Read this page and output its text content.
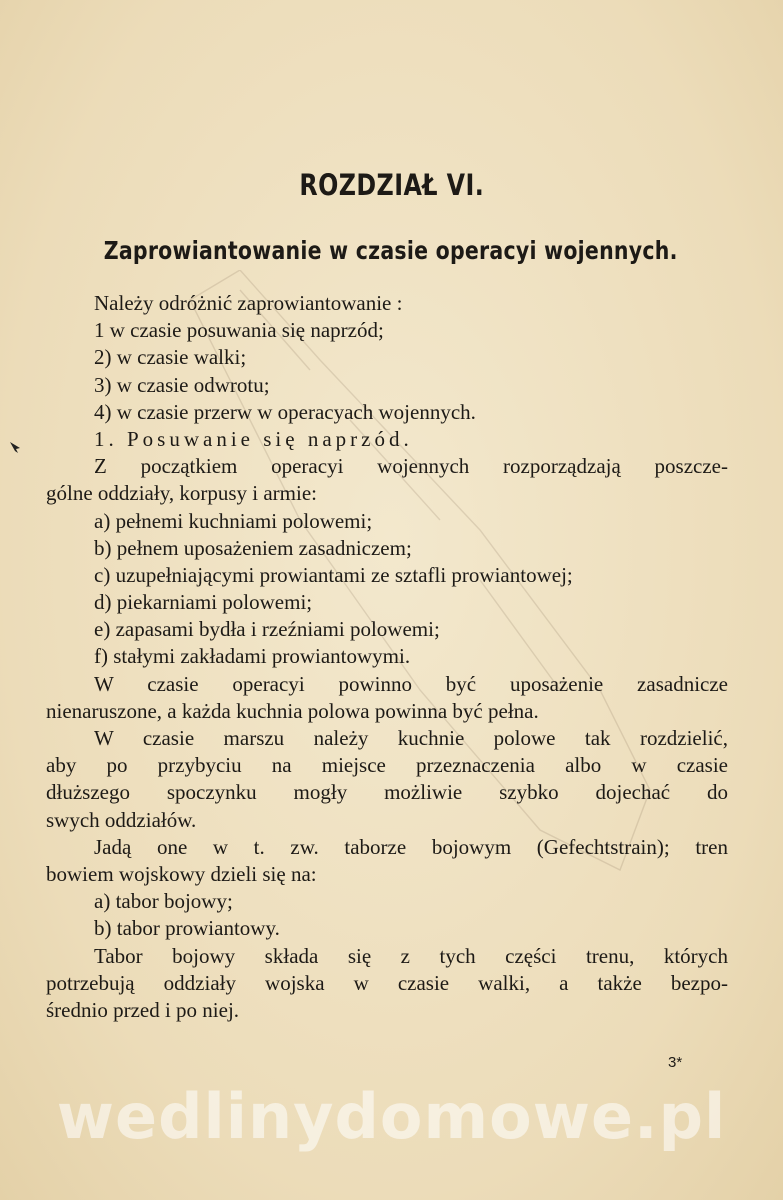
ROZDZIAŁ VI.
Zaprowiantowanie w czasie operacyi wojennych.
Należy odróżnić zaprowiantowanie :
1 w czasie posuwania się naprzód;
2) w czasie walki;
3) w czasie odwrotu;
4) w czasie przerw w operacyach wojennych.
1. Posuwanie się naprzód.
Z początkiem operacyi wojennych rozporządzają poszcze-
gólne oddziały, korpusy i armie:
a) pełnemi kuchniami polowemi;
b) pełnem uposażeniem zasadniczem;
c) uzupełniającymi prowiantami ze sztafli prowiantowej;
d) piekarniami polowemi;
e) zapasami bydła i rzeźniami polowemi;
f) stałymi zakładami prowiantowymi.
W czasie operacyi powinno być uposażenie zasadnicze
nienaruszone, a każda kuchnia polowa powinna być pełna.
W czasie marszu należy kuchnie polowe tak rozdzielić,
aby po przybyciu na miejsce przeznaczenia albo w czasie
dłuższego spoczynku mogły możliwie szybko dojechać do
swych oddziałów.
Jadą one w t. zw. taborze bojowym (Gefechtstrain); tren
bowiem wojskowy dzieli się na:
a) tabor bojowy;
b) tabor prowiantowy.
Tabor bojowy składa się z tych części trenu, których
potrzebują oddziały wojska w czasie walki, a także bezpo-
średnio przed i po niej.
3*
wedlinydomowe.pl
